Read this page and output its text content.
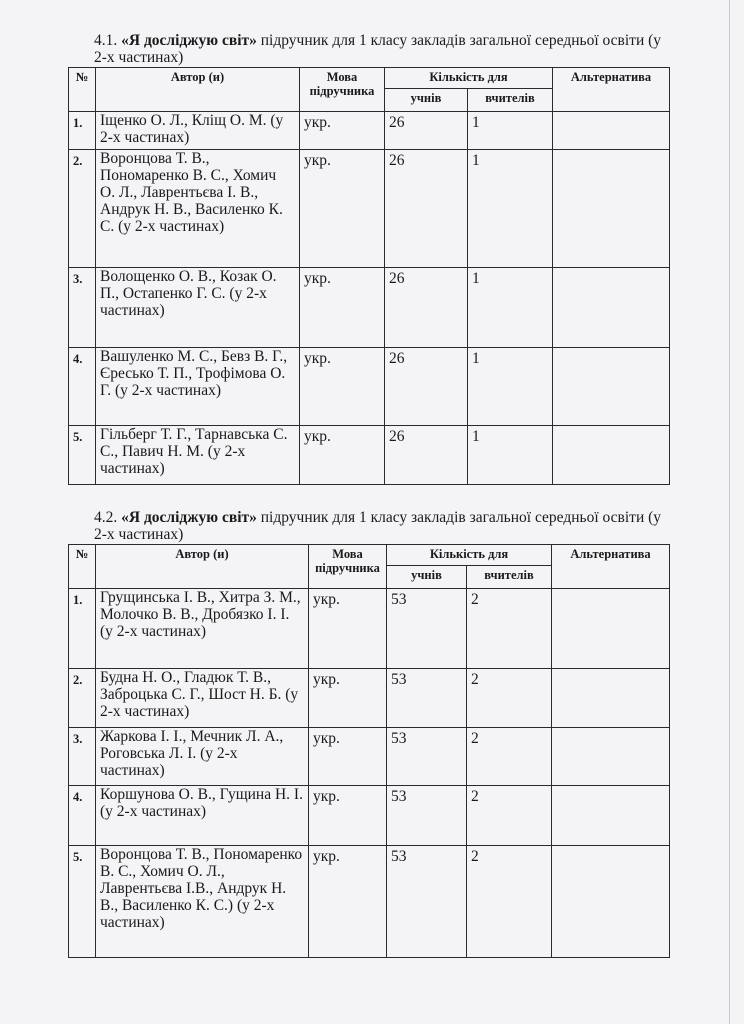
4.1. «Я досліджую світ» підручник для 1 класу закладів загальної середньої освіти (у 2-х частинах)

№	Автор (и)	Мова підручника	Кількість для		Альтернатива
			учнів	вчителів	
1.	Іщенко О. Л., Кліщ О. М. (у 2-х частинах)	укр.	26	1	
2.	Воронцова Т. В., Пономаренко В. С., Хомич О. Л., Лаврентьєва І. В., Андрук Н. В., Василенко К. С. (у 2-х частинах)	укр.	26	1	
3.	Волощенко О. В., Козак О. П., Остапенко Г. С. (у 2-х частинах)	укр.	26	1	
4.	Вашуленко М. С., Бевз В. Г., Єресько Т. П., Трофімова О. Г. (у 2-х частинах)	укр.	26	1	
5.	Гільберг Т. Г., Тарнавська С. С., Павич Н. М. (у 2-х частинах)	укр.	26	1	

4.2. «Я досліджую світ» підручник для 1 класу закладів загальної середньої освіти (у 2-х частинах)

№	Автор (и)	Мова підручника	Кількість для		Альтернатива
			учнів	вчителів	
1.	Грущинська І. В., Хитра З. М., Молочко В. В., Дробязко І. І. (у 2-х частинах)	укр.	53	2	
2.	Будна Н. О., Гладюк Т. В., Заброцька С. Г., Шост Н. Б. (у 2-х частинах)	укр.	53	2	
3.	Жаркова І. І., Мечник Л. А., Роговська Л. І. (у 2-х частинах)	укр.	53	2	
4.	Коршунова О. В., Гущина Н. І. (у 2-х частинах)	укр.	53	2	
5.	Воронцова Т. В., Пономаренко В. С., Хомич О. Л., Лаврентьєва І.В., Андрук Н. В., Василенко К. С.) (у 2-х частинах)	укр.	53	2	
